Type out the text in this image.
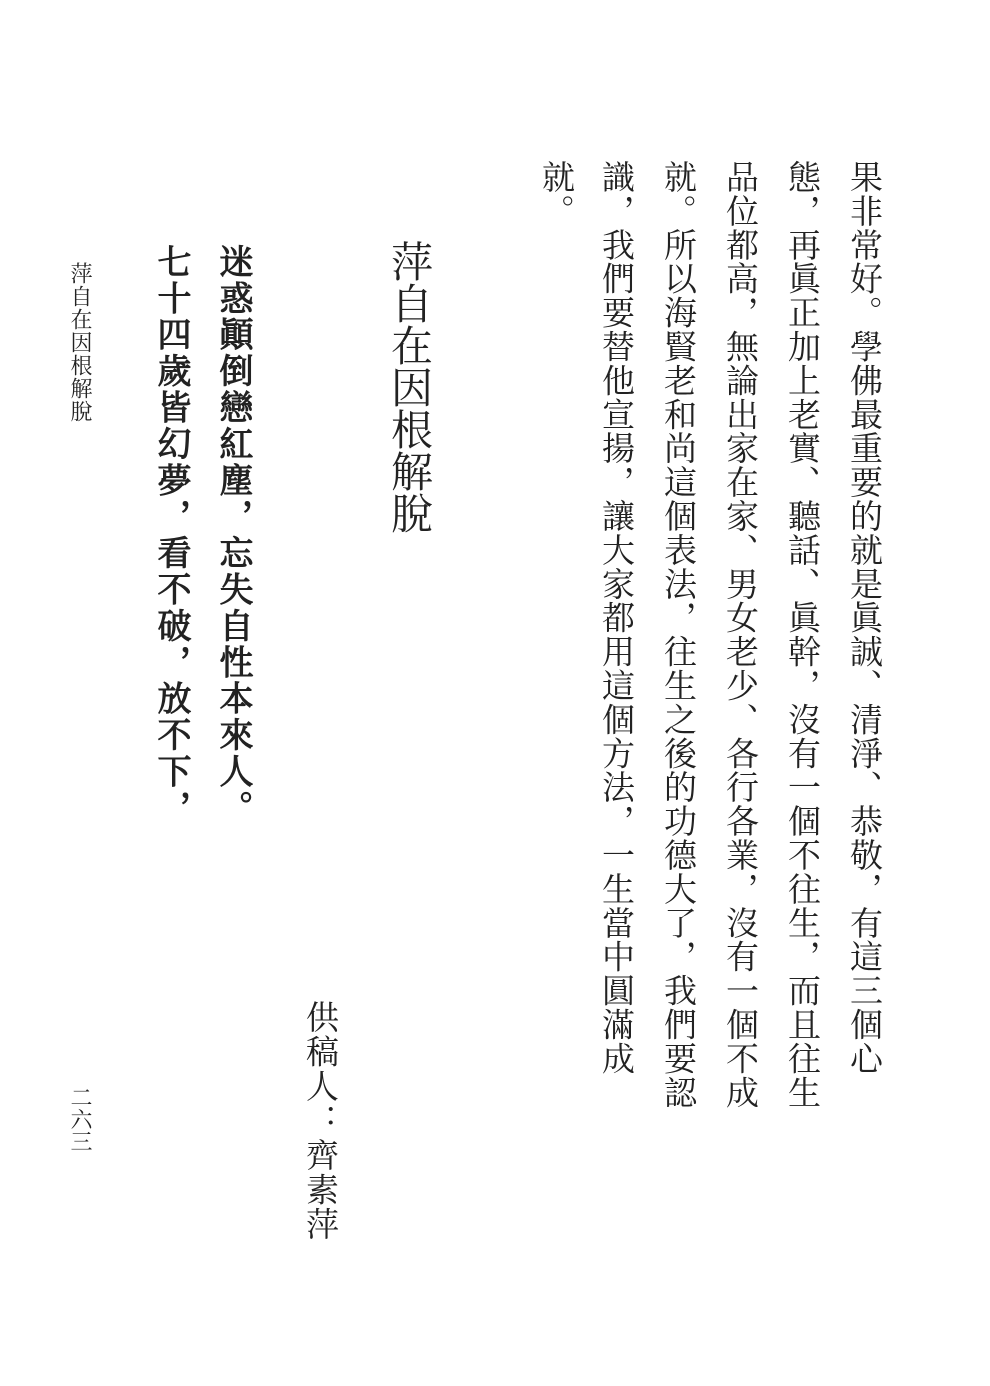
果非常好。學佛最重要的就是眞誠、清淨、恭敬，有這三個心

態，再眞正加上老實、聽話、眞幹，沒有一個不往生，而且往生

品位都高，無論出家在家、男女老少、各行各業，沒有一個不成

就。所以海賢老和尚這個表法，往生之後的功德大了，我們要認

識，我們要替他宣揚，讓大家都用這個方法，一生當中圓滿成

就。

萍自在因根解脫

供稿人：齊素萍

迷惑顚倒戀紅塵，忘失自性本來人。

七十四歲皆幻夢，看不破，放不下，

萍自在因根解脫

二六三
